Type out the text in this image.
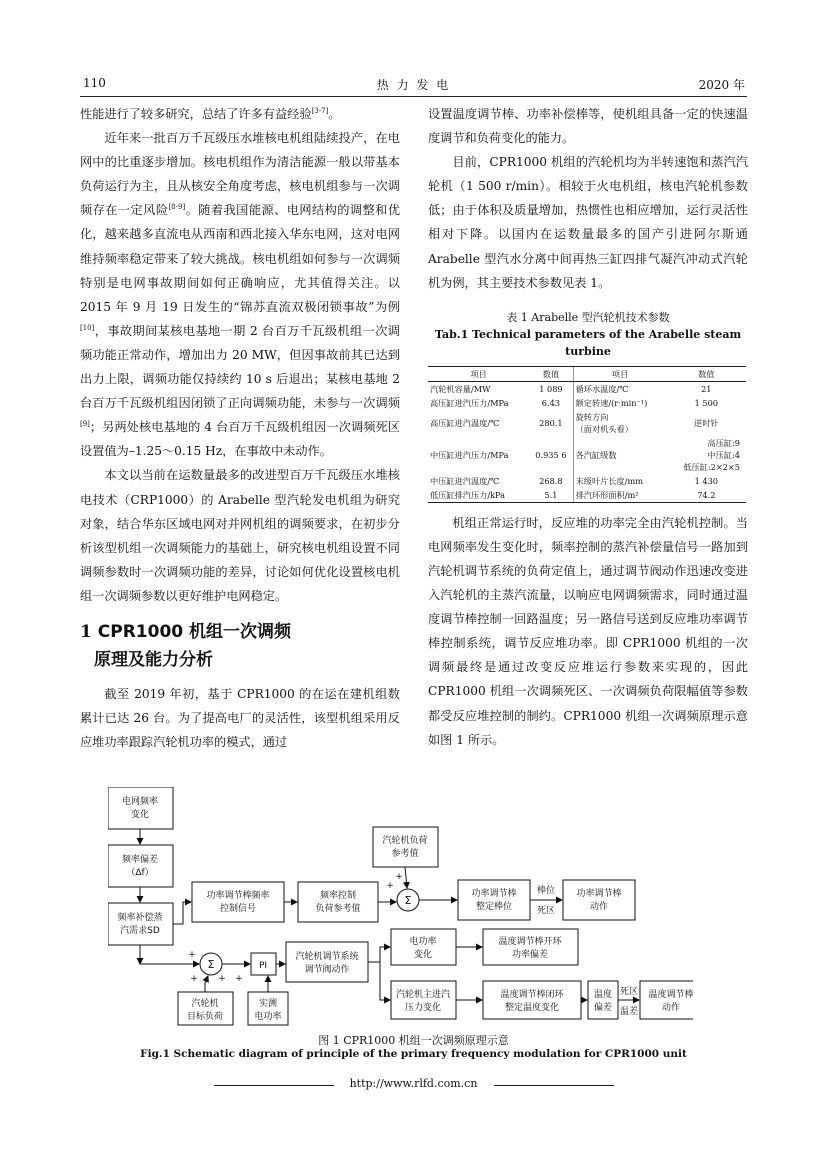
110	热 力 发 电	2020 年

性能进行了较多研究，总结了许多有益经验[3-7]。

近年来一批百万千瓦级压水堆核电机组陆续投产，在电网中的比重逐步增加。核电机组作为清洁能源一般以带基本负荷运行为主，且从核安全角度考虑，核电机组参与一次调频存在一定风险[8-9]。随着我国能源、电网结构的调整和优化，越来越多直流电从西南和西北接入华东电网，这对电网维持频率稳定带来了较大挑战。核电机组如何参与一次调频特别是电网事故期间如何正确响应，尤其值得关注。以 2015 年 9 月 19 日发生的“锦苏直流双极闭锁事故”为例[10]，事故期间某核电基地一期 2 台百万千瓦级机组一次调频功能正常动作，增加出力 20 MW，但因事故前其已达到出力上限，调频功能仅持续约 10 s 后退出；某核电基地 2 台百万千瓦级机组因闭锁了正向调频功能，未参与一次调频[9]；另两处核电基地的 4 台百万千瓦级机组因一次调频死区设置值为–1.25～0.15 Hz，在事故中未动作。

本文以当前在运数量最多的改进型百万千瓦级压水堆核电技术（CRP1000）的 Arabelle 型汽轮发电机组为研究对象，结合华东区域电网对并网机组的调频要求，在初步分析该型机组一次调频能力的基础上，研究核电机组设置不同调频参数时一次调频功能的差异，讨论如何优化设置核电机组一次调频参数以更好维护电网稳定。

1 CPR1000 机组一次调频
原理及能力分析

截至 2019 年初，基于 CPR1000 的在运在建机组数累计已达 26 台。为了提高电厂的灵活性，该型机组采用反应堆功率跟踪汽轮机功率的模式，通过

设置温度调节棒、功率补偿棒等，使机组具备一定的快速温度调节和负荷变化的能力。

目前，CPR1000 机组的汽轮机均为半转速饱和蒸汽汽轮机（1 500 r/min）。相较于火电机组，核电汽轮机参数低；由于体积及质量增加，热惯性也相应增加，运行灵活性相对下降。以国内在运数量最多的国产引进阿尔斯通 Arabelle 型汽水分离中间再热三缸四排气凝汽冲动式汽轮机为例，其主要技术参数见表 1。

表 1 Arabelle 型汽轮机技术参数
Tab.1 Technical parameters of the Arabelle steam turbine
项目	数值	项目	数值
汽轮机容量/MW	1 089	循环水温度/℃	21
高压缸进汽压力/MPa	6.43	额定转速/(r·min⁻¹)	1 500
高压缸进汽温度/℃	280.1	旋转方向
（面对机头看）	逆时针
中压缸进汽压力/MPa	0.935 6	各汽缸级数	高压缸:9
中压缸:4
低压缸:2×2×5

中压缸进汽温度/℃	268.8	末级叶片长度/mm	1 430
低压缸排汽压力/kPa	5.1	排汽环形面积/m²	74.2

机组正常运行时，反应堆的功率完全由汽轮机控制。当电网频率发生变化时，频率控制的蒸汽补偿量信号一路加到汽轮机调节系统的负荷定值上，通过调节阀动作迅速改变进入汽轮机的主蒸汽流量，以响应电网调频需求，同时通过温度调节棒控制一回路温度；另一路信号送到反应堆功率调节棒控制系统，调节反应堆功率。即 CPR1000 机组的一次调频最终是通过改变反应堆运行参数来实现的，因此 CPR1000 机组一次调频死区、一次调频负荷限幅值等参数都受反应堆控制的制约。CPR1000 机组一次调频原理示意如图 1 所示。

电网频率
变化
频率偏差
（Δf）
频率补偿蒸
汽需求SD
功率调节棒频率
控制信号
频率控制
负荷参考值
汽轮机负荷
参考值
Σ	功率调节棒
整定棒位
棒位
死区
功率调节棒
动作
Σ	PI
汽轮机调节系统
调节阀动作
电功率
变化
温度调节棒开环
功率偏差
汽轮机主进汽
压力变化
温度调节棒闭环
整定温度变化
温度
偏差
死区
温差
温度调节棒
动作
汽轮机
目标负荷
实测
电功率
+
+
+
+ + +
图 1 CPR1000 机组一次调频原理示意
Fig.1 Schematic diagram of principle of the primary frequency modulation for CPR1000 unit
http://www.rlfd.com.cn
